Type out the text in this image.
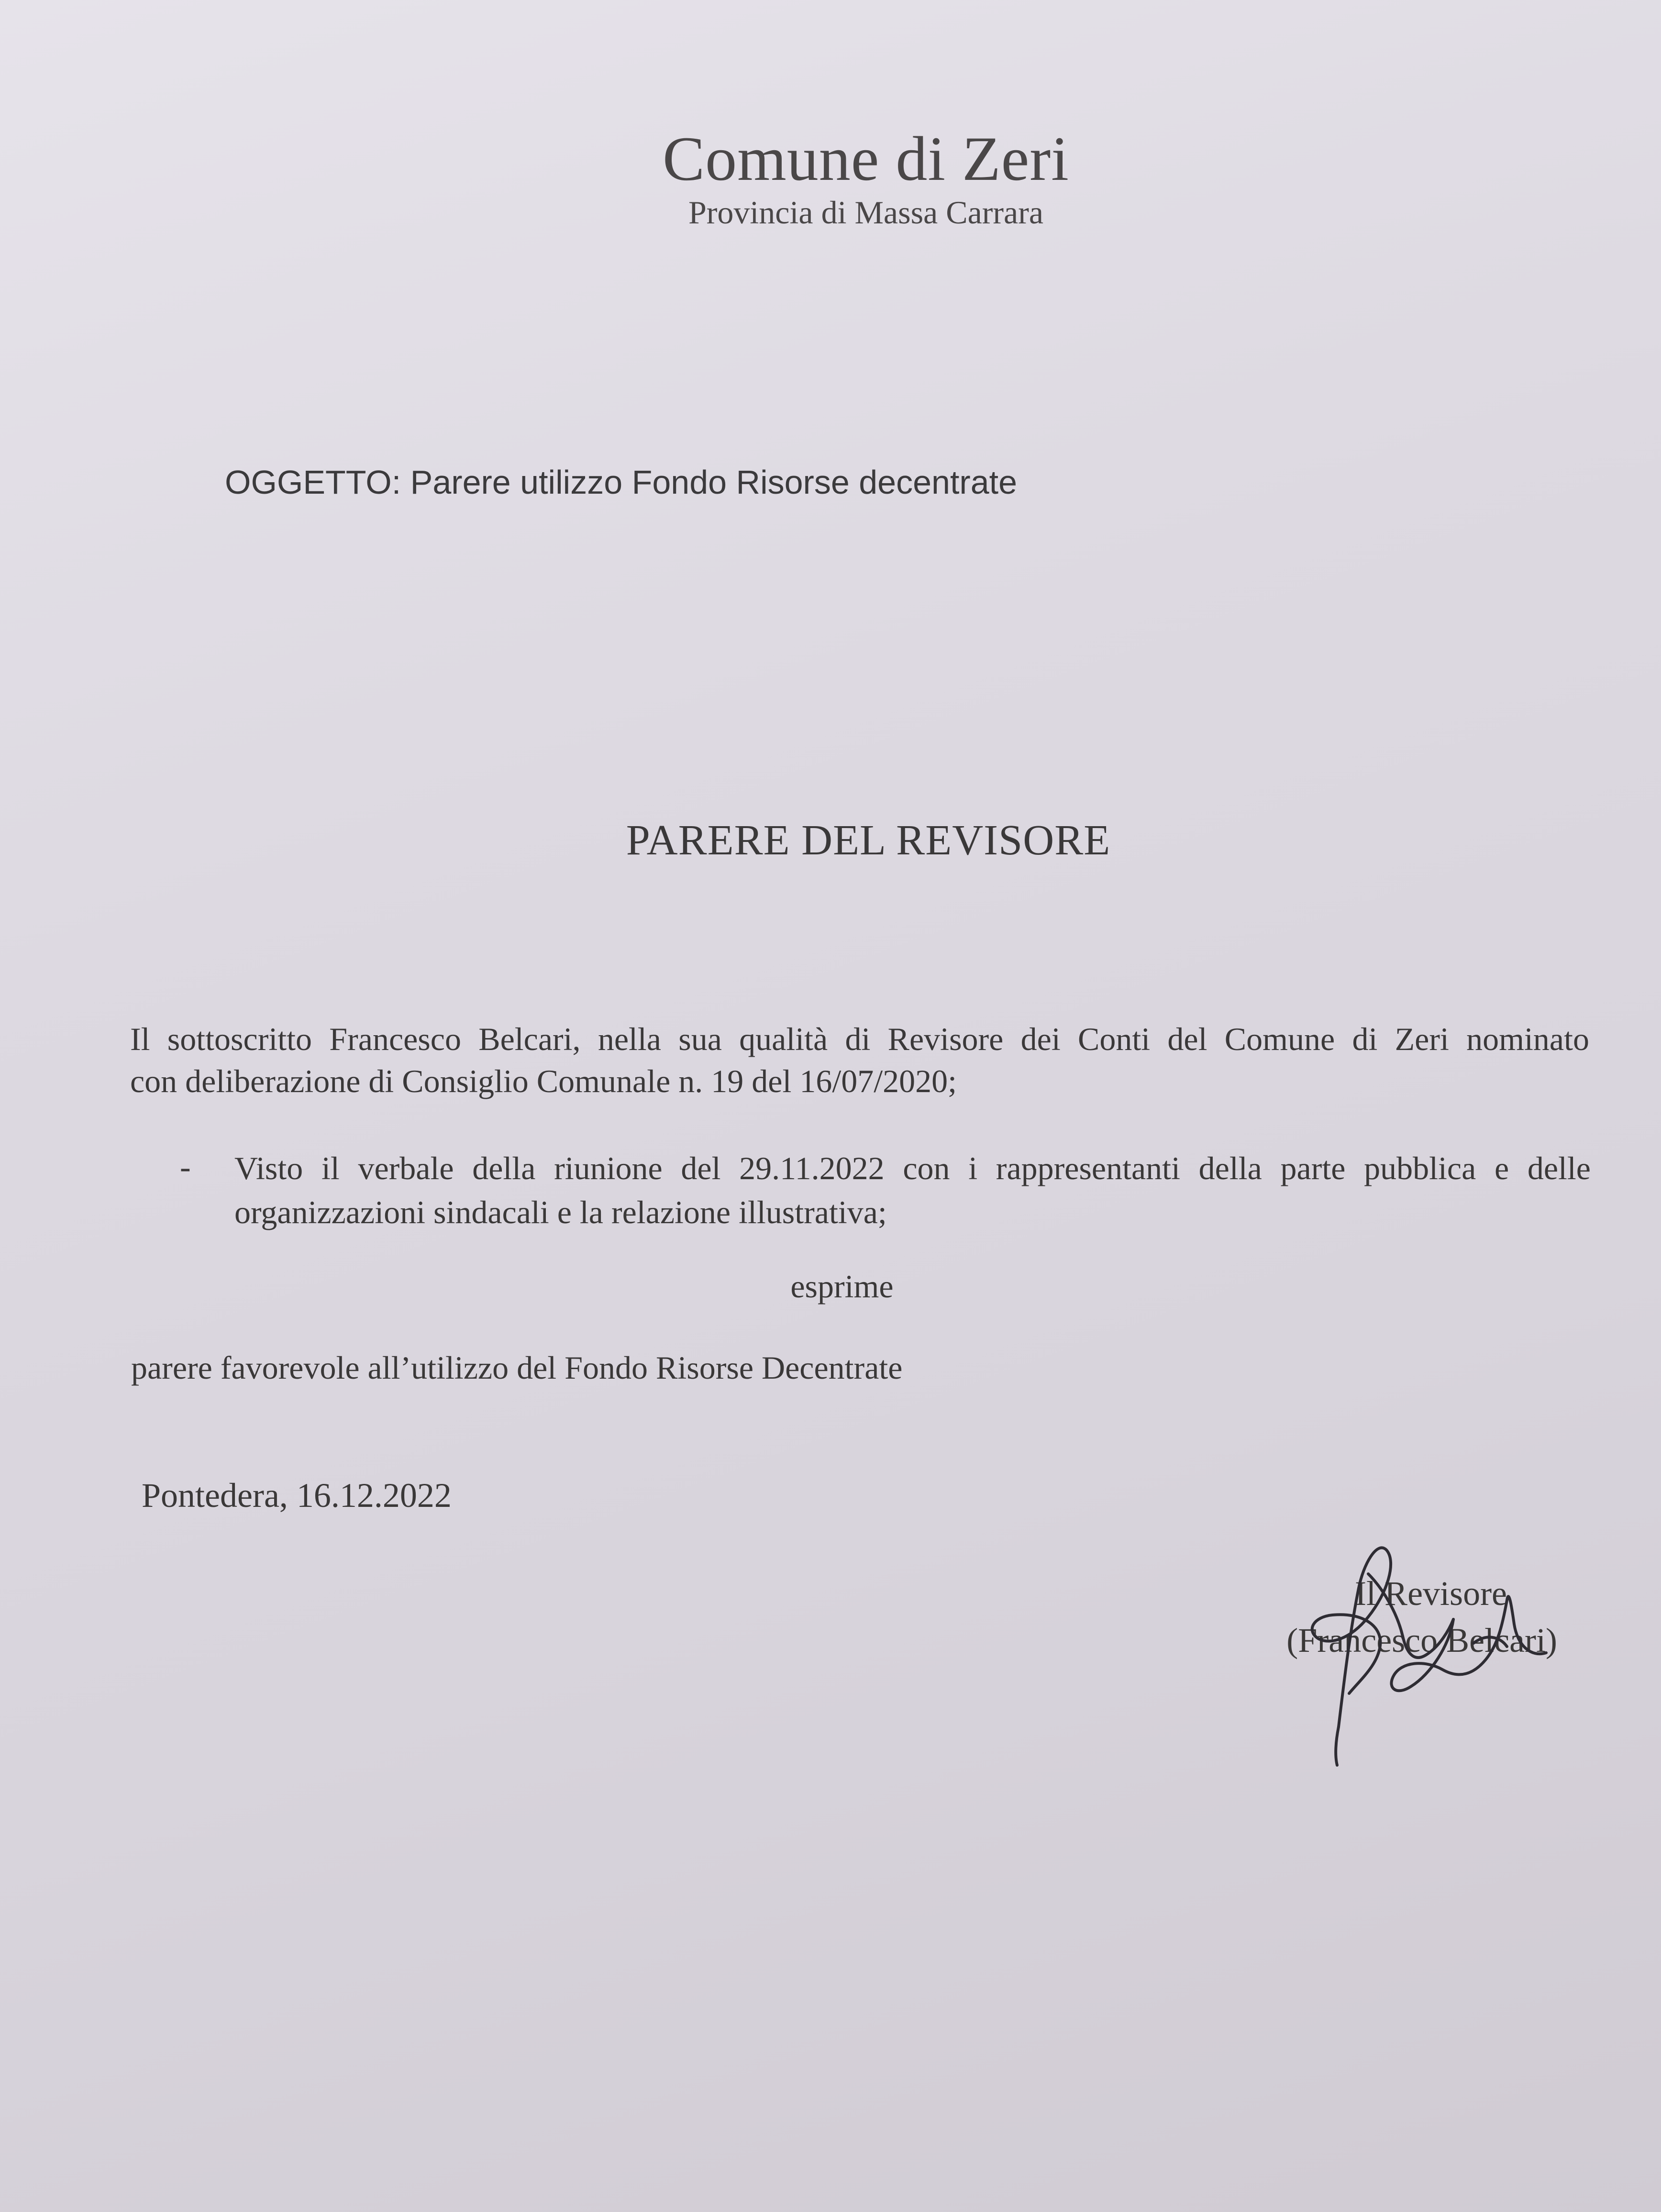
Comune di Zeri
Provincia di Massa Carrara
OGGETTO: Parere utilizzo Fondo Risorse decentrate
PARERE DEL REVISORE
Il sottoscritto Francesco Belcari, nella sua qualità di Revisore dei Conti del Comune di Zeri nominato
con deliberazione di Consiglio Comunale n. 19 del 16/07/2020;
- Visto il verbale della riunione del 29.11.2022 con i rappresentanti della parte pubblica e delle
organizzazioni sindacali e la relazione illustrativa;
esprime
parere favorevole all’utilizzo del Fondo Risorse Decentrate
Pontedera, 16.12.2022
Il Revisore
(Francesco Belcari)
